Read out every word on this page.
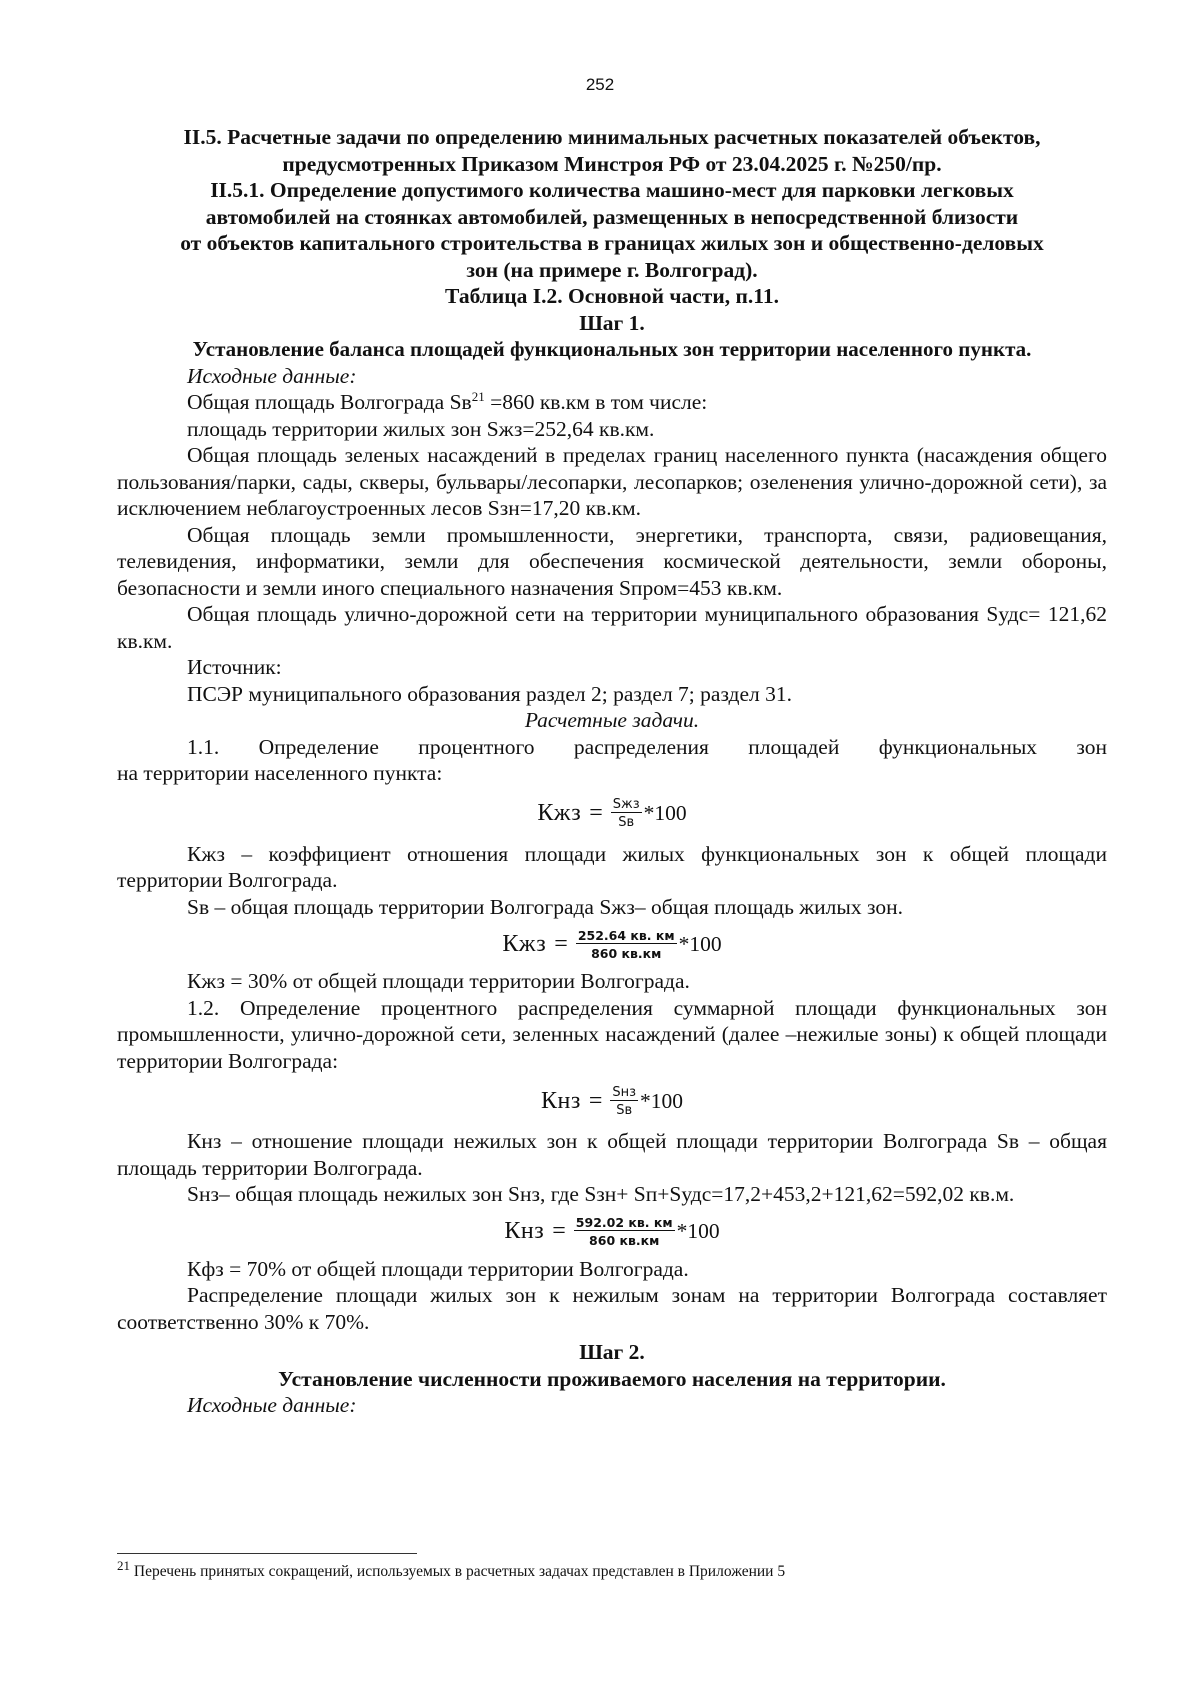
252
II.5. Расчетные задачи по определению минимальных расчетных показателей объектов,
предусмотренных Приказом Минстроя РФ от 23.04.2025 г. №250/пр.
II.5.1. Определение допустимого количества машино-мест для парковки легковых
автомобилей на стоянках автомобилей, размещенных в непосредственной близости
от объектов капитального строительства в границах жилых зон и общественно-деловых
зон (на примере г. Волгоград).
Таблица I.2. Основной части, п.11.
Шаг 1.
Установление баланса площадей функциональных зон территории населенного пункта.
Исходные данные:
Общая площадь Волгограда $Sв^{21} =860$ кв.км в том числе:
площадь территории жилых зон Sжз=252,64 кв.км.

Общая площадь зеленых насаждений в пределах границ населенного пункта (насаждения общего пользования/парки, сады, скверы, бульвары/лесопарки, лесопарков; озеленения улично-дорожной сети), за исключением неблагоустроенных лесов Sзн=17,20 кв.км.

Общая площадь земли промышленности, энергетики, транспорта, связи, радиовещания, телевидения, информатики, земли для обеспечения космической деятельности, земли обороны, безопасности и земли иного специального назначения Sпром=453 кв.км.

Общая площадь улично-дорожной сети на территории муниципального образования Sудс= 121,62 кв.км.

Источник:
ПСЭР муниципального образования раздел 2; раздел 7; раздел 31.
Расчетные задачи.
1.1. Определение процентного распределения площадей функциональных зон
на территории населенного пункта:
Кжз = $\frac{\text{Sжз}}{Sв} *100$

Кжз – коэффициент отношения площади жилых функциональных зон к общей площади территории Волгограда.

Sв – общая площадь территории Волгограда Sжз– общая площадь жилых зон.
Кжз = $\frac{252.64 кв. км}{860 кв.км} *100$
Кжз = 30% от общей площади территории Волгограда.

1.2. Определение процентного распределения суммарной площади функциональных зон промышленности, улично-дорожной сети, зеленных насаждений (далее –нежилые зоны) к общей площади территории Волгограда:

Кнз = $\frac{\text{Sнз}}{Sв} *100$

Кнз – отношение площади нежилых зон к общей площади территории Волгограда Sв – общая площадь территории Волгограда.

Sнз– общая площадь нежилых зон Sнз, где Sзн+ Sп+Sудс=17,2+453,2+121,62=592,02 кв.м.

Кнз = $\frac{592.02 кв. км}{860 кв.км} *100$
Кфз = 70% от общей площади территории Волгограда.

Распределение площади жилых зон к нежилым зонам на территории Волгограда составляет соответственно 30% к 70%.

Шаг 2.
Установление численности проживаемого населения на территории.
Исходные данные:
$^{21}$ Перечень принятых сокращений, используемых в расчетных задачах представлен в Приложении 5
